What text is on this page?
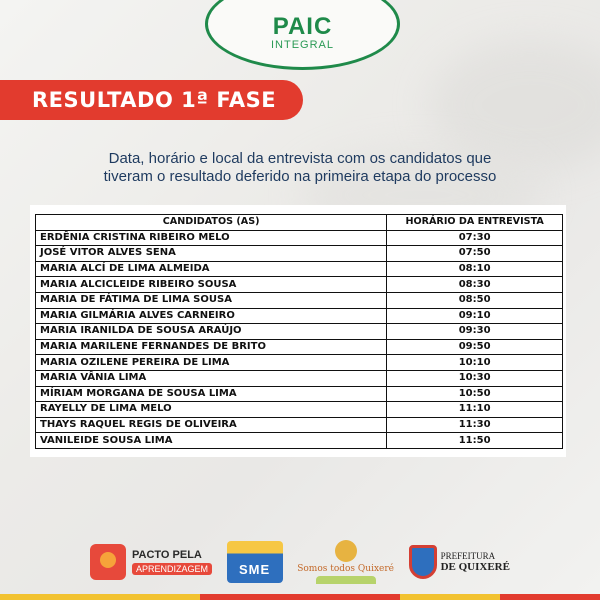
PAIC
INTEGRAL
RESULTADO 1ª FASE
Data, horário e local da entrevista com os candidatos que
tiveram o resultado deferido na primeira etapa do processo
CANDIDATOS (AS)	HORÁRIO DA ENTREVISTA
ERDÊNIA CRISTINA RIBEIRO MELO	07:30
JOSÉ VITOR ALVES SENA	07:50
MARIA ALCÍ DE LIMA ALMEIDA	08:10
MARIA ALCICLEIDE RIBEIRO SOUSA	08:30
MARIA DE FÁTIMA DE LIMA SOUSA	08:50
MARIA GILMÁRIA ALVES CARNEIRO	09:10
MARIA IRANILDA DE SOUSA ARAÚJO	09:30
MARIA MARILENE FERNANDES DE BRITO	09:50
MARIA OZILENE PEREIRA DE LIMA	10:10
MARIA VÂNIA LIMA	10:30
MÍRIAM MORGANA DE SOUSA LIMA	10:50
RAYELLY DE LIMA MELO	11:10
THAYS RAQUEL REGIS DE OLIVEIRA	11:30
VANILEIDE SOUSA LIMA	11:50
PACTO PELA
APRENDIZAGEM	SME	Somos todos Quixeré
PREFEITURA
DE QUIXERÉ
